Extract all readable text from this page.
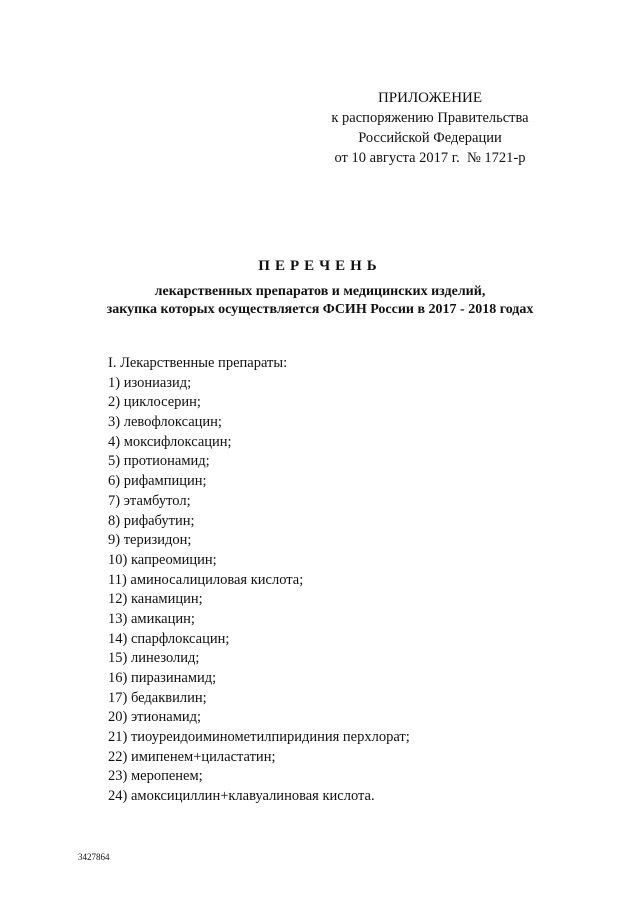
ПРИЛОЖЕНИЕ
к распоряжению Правительства
Российской Федерации
от 10 августа 2017 г.  № 1721-р
ПЕРЕЧЕНЬ
лекарственных препаратов и медицинских изделий,
закупка которых осуществляется ФСИН России в 2017 - 2018 годах
I. Лекарственные препараты:
1) изониазид;
2) циклосерин;
3) левофлоксацин;
4) моксифлоксацин;
5) протионамид;
6) рифампицин;
7) этамбутол;
8) рифабутин;
9) теризидон;
10) капреомицин;
11) аминосалициловая кислота;
12) канамицин;
13) амикацин;
14) спарфлоксацин;
15) линезолид;
16) пиразинамид;
17) бедаквилин;
20) этионамид;
21) тиоуреидоиминометилпиридиния перхлорат;
22) имипенем+циластатин;
23) меропенем;
24) амоксициллин+клавуалиновая кислота.
3427864
